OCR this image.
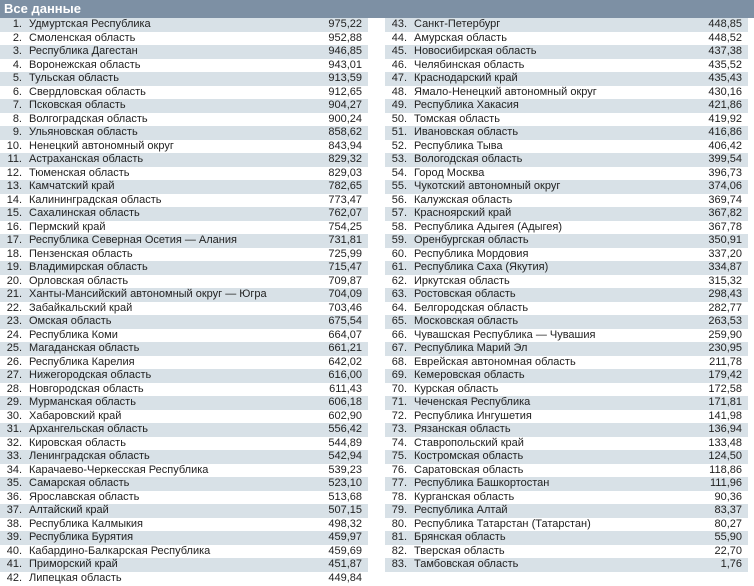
Все данные
1. Удмуртская Республика	975,22
2. Смоленская область	952,88
3. Республика Дагестан	946,85
4. Воронежская область	943,01
5. Тульская область	913,59
6. Свердловская область	912,65
7. Псковская область	904,27
8. Волгоградская область	900,24
9. Ульяновская область	858,62
10. Ненецкий автономный округ	843,94
11. Астраханская область	829,32
12. Тюменская область	829,03
13. Камчатский край	782,65
14. Калининградская область	773,47
15. Сахалинская область	762,07
16. Пермский край	754,25
17. Республика Северная Осетия — Алания	731,81
18. Пензенская область	725,99
19. Владимирская область	715,47
20. Орловская область	709,87
21. Ханты-Мансийский автономный округ — Югра	704,09
22. Забайкальский край	703,46
23. Омская область	675,54
24. Республика Коми	664,07
25. Магаданская область	661,21
26. Республика Карелия	642,02
27. Нижегородская область	616,00
28. Новгородская область	611,43
29. Мурманская область	606,18
30. Хабаровский край	602,90
31. Архангельская область	556,42
32. Кировская область	544,89
33. Ленинградская область	542,94
34. Карачаево-Черкесская Республика	539,23
35. Самарская область	523,10
36. Ярославская область	513,68
37. Алтайский край	507,15
38. Республика Калмыкия	498,32
39. Республика Бурятия	459,97
40. Кабардино-Балкарская Республика	459,69
41. Приморский край	451,87
42. Липецкая область	449,84
43. Санкт-Петербург	448,85
44. Амурская область	448,52
45. Новосибирская область	437,38
46. Челябинская область	435,52
47. Краснодарский край	435,43
48. Ямало-Ненецкий автономный округ	430,16
49. Республика Хакасия	421,86
50. Томская область	419,92
51. Ивановская область	416,86
52. Республика Тыва	406,42
53. Вологодская область	399,54
54. Город Москва	396,73
55. Чукотский автономный округ	374,06
56. Калужская область	369,74
57. Красноярский край	367,82
58. Республика Адыгея (Адыгея)	367,78
59. Оренбургская область	350,91
60. Республика Мордовия	337,20
61. Республика Саха (Якутия)	334,87
62. Иркутская область	315,32
63. Ростовская область	298,43
64. Белгородская область	282,77
65. Московская область	263,53
66. Чувашская Республика — Чувашия	259,90
67. Республика Марий Эл	230,95
68. Еврейская автономная область	211,78
69. Кемеровская область	179,42
70. Курская область	172,58
71. Чеченская Республика	171,81
72. Республика Ингушетия	141,98
73. Рязанская область	136,94
74. Ставропольский край	133,48
75. Костромская область	124,50
76. Саратовская область	118,86
77. Республика Башкортостан	111,96
78. Курганская область	90,36
79. Республика Алтай	83,37
80. Республика Татарстан (Татарстан)	80,27
81. Брянская область	55,90
82. Тверская область	22,70
83. Тамбовская область	1,76
